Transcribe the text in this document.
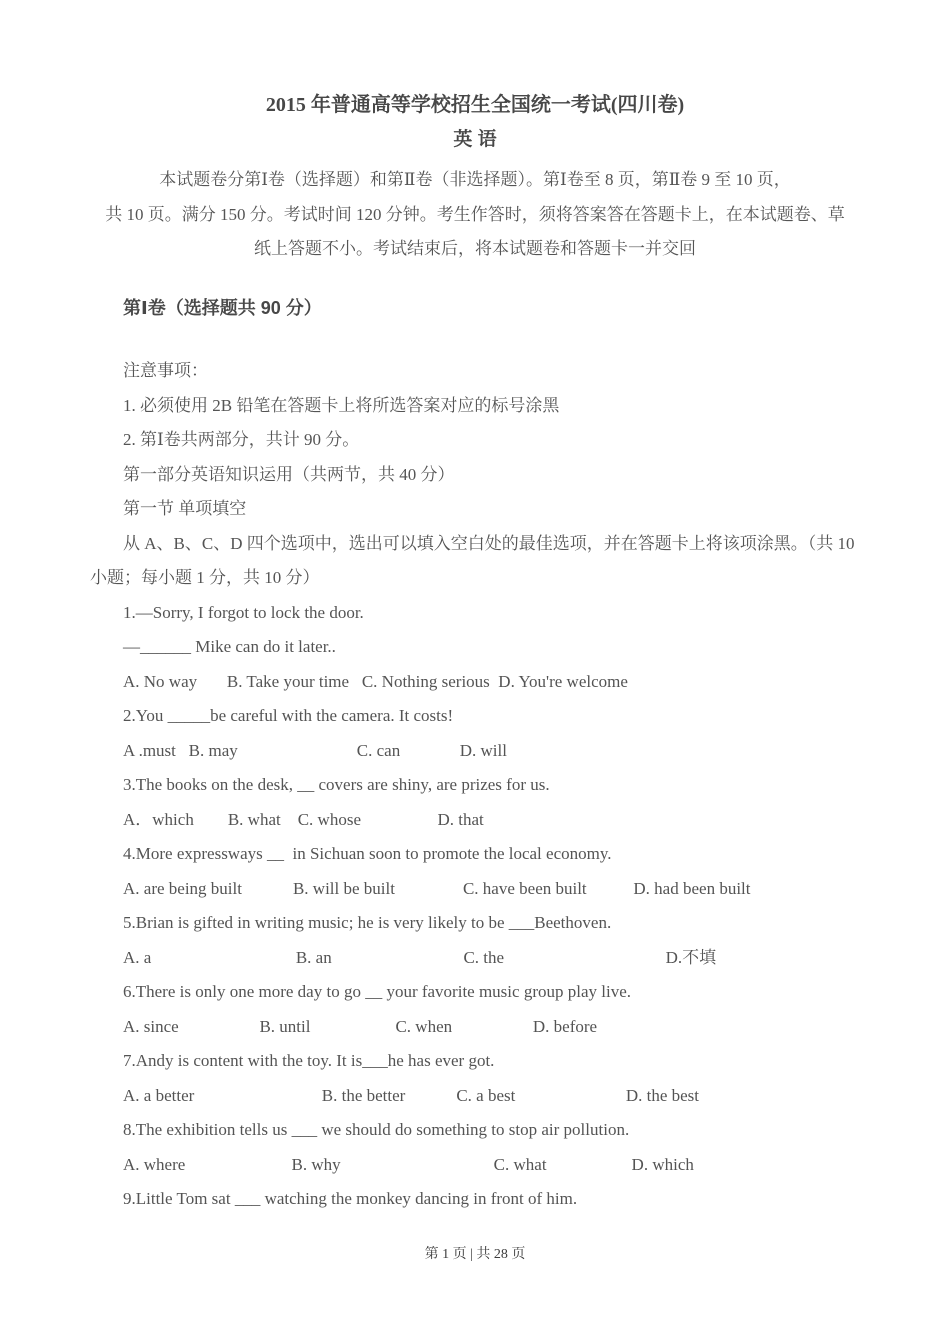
2015 年普通高等学校招生全国统一考试(四川卷)
英 语
本试题卷分第Ⅰ卷（选择题）和第Ⅱ卷（非选择题）。第Ⅰ卷至 8 页，第Ⅱ卷 9 至 10 页，
共 10 页。满分 150 分。考试时间 120 分钟。考生作答时，须将答案答在答题卡上，在本试题卷、草
纸上答题不小。考试结束后，将本试题卷和答题卡一并交回
第Ⅰ卷（选择题共 90 分）
注意事项：
1. 必须使用 2B 铅笔在答题卡上将所选答案对应的标号涂黑
2. 第Ⅰ卷共两部分，共计 90 分。
第一部分英语知识运用（共两节，共 40 分）
第一节 单项填空
从 A、B、C、D 四个选项中，选出可以填入空白处的最佳选项，并在答题卡上将该项涂黑。（共 10
小题；每小题 1 分，共 10 分）
1.—Sorry, I forgot to lock the door.
—______ Mike can do it later..
A. No way       B. Take your time   C. Nothing serious  D. You're welcome
2.You _____be careful with the camera. It costs!
A .must   B. may                            C. can              D. will
3.The books on the desk, __ covers are shiny, are prizes for us.
A．which        B. what    C. whose                  D. that
4.More expressways __  in Sichuan soon to promote the local economy.
A. are being built            B. will be built                C. have been built           D. had been built
5.Brian is gifted in writing music; he is very likely to be ___Beethoven.
A. a                                  B. an                               C. the                                      D.不填
6.There is only one more day to go __ your favorite music group play live.
A. since                   B. until                    C. when                   D. before
7.Andy is content with the toy. It is___he has ever got.
A. a better                              B. the better            C. a best                          D. the best
8.The exhibition tells us ___ we should do something to stop air pollution.
A. where                         B. why                                    C. what                    D. which
9.Little Tom sat ___ watching the monkey dancing in front of him.
第 1 页 | 共 28 页
